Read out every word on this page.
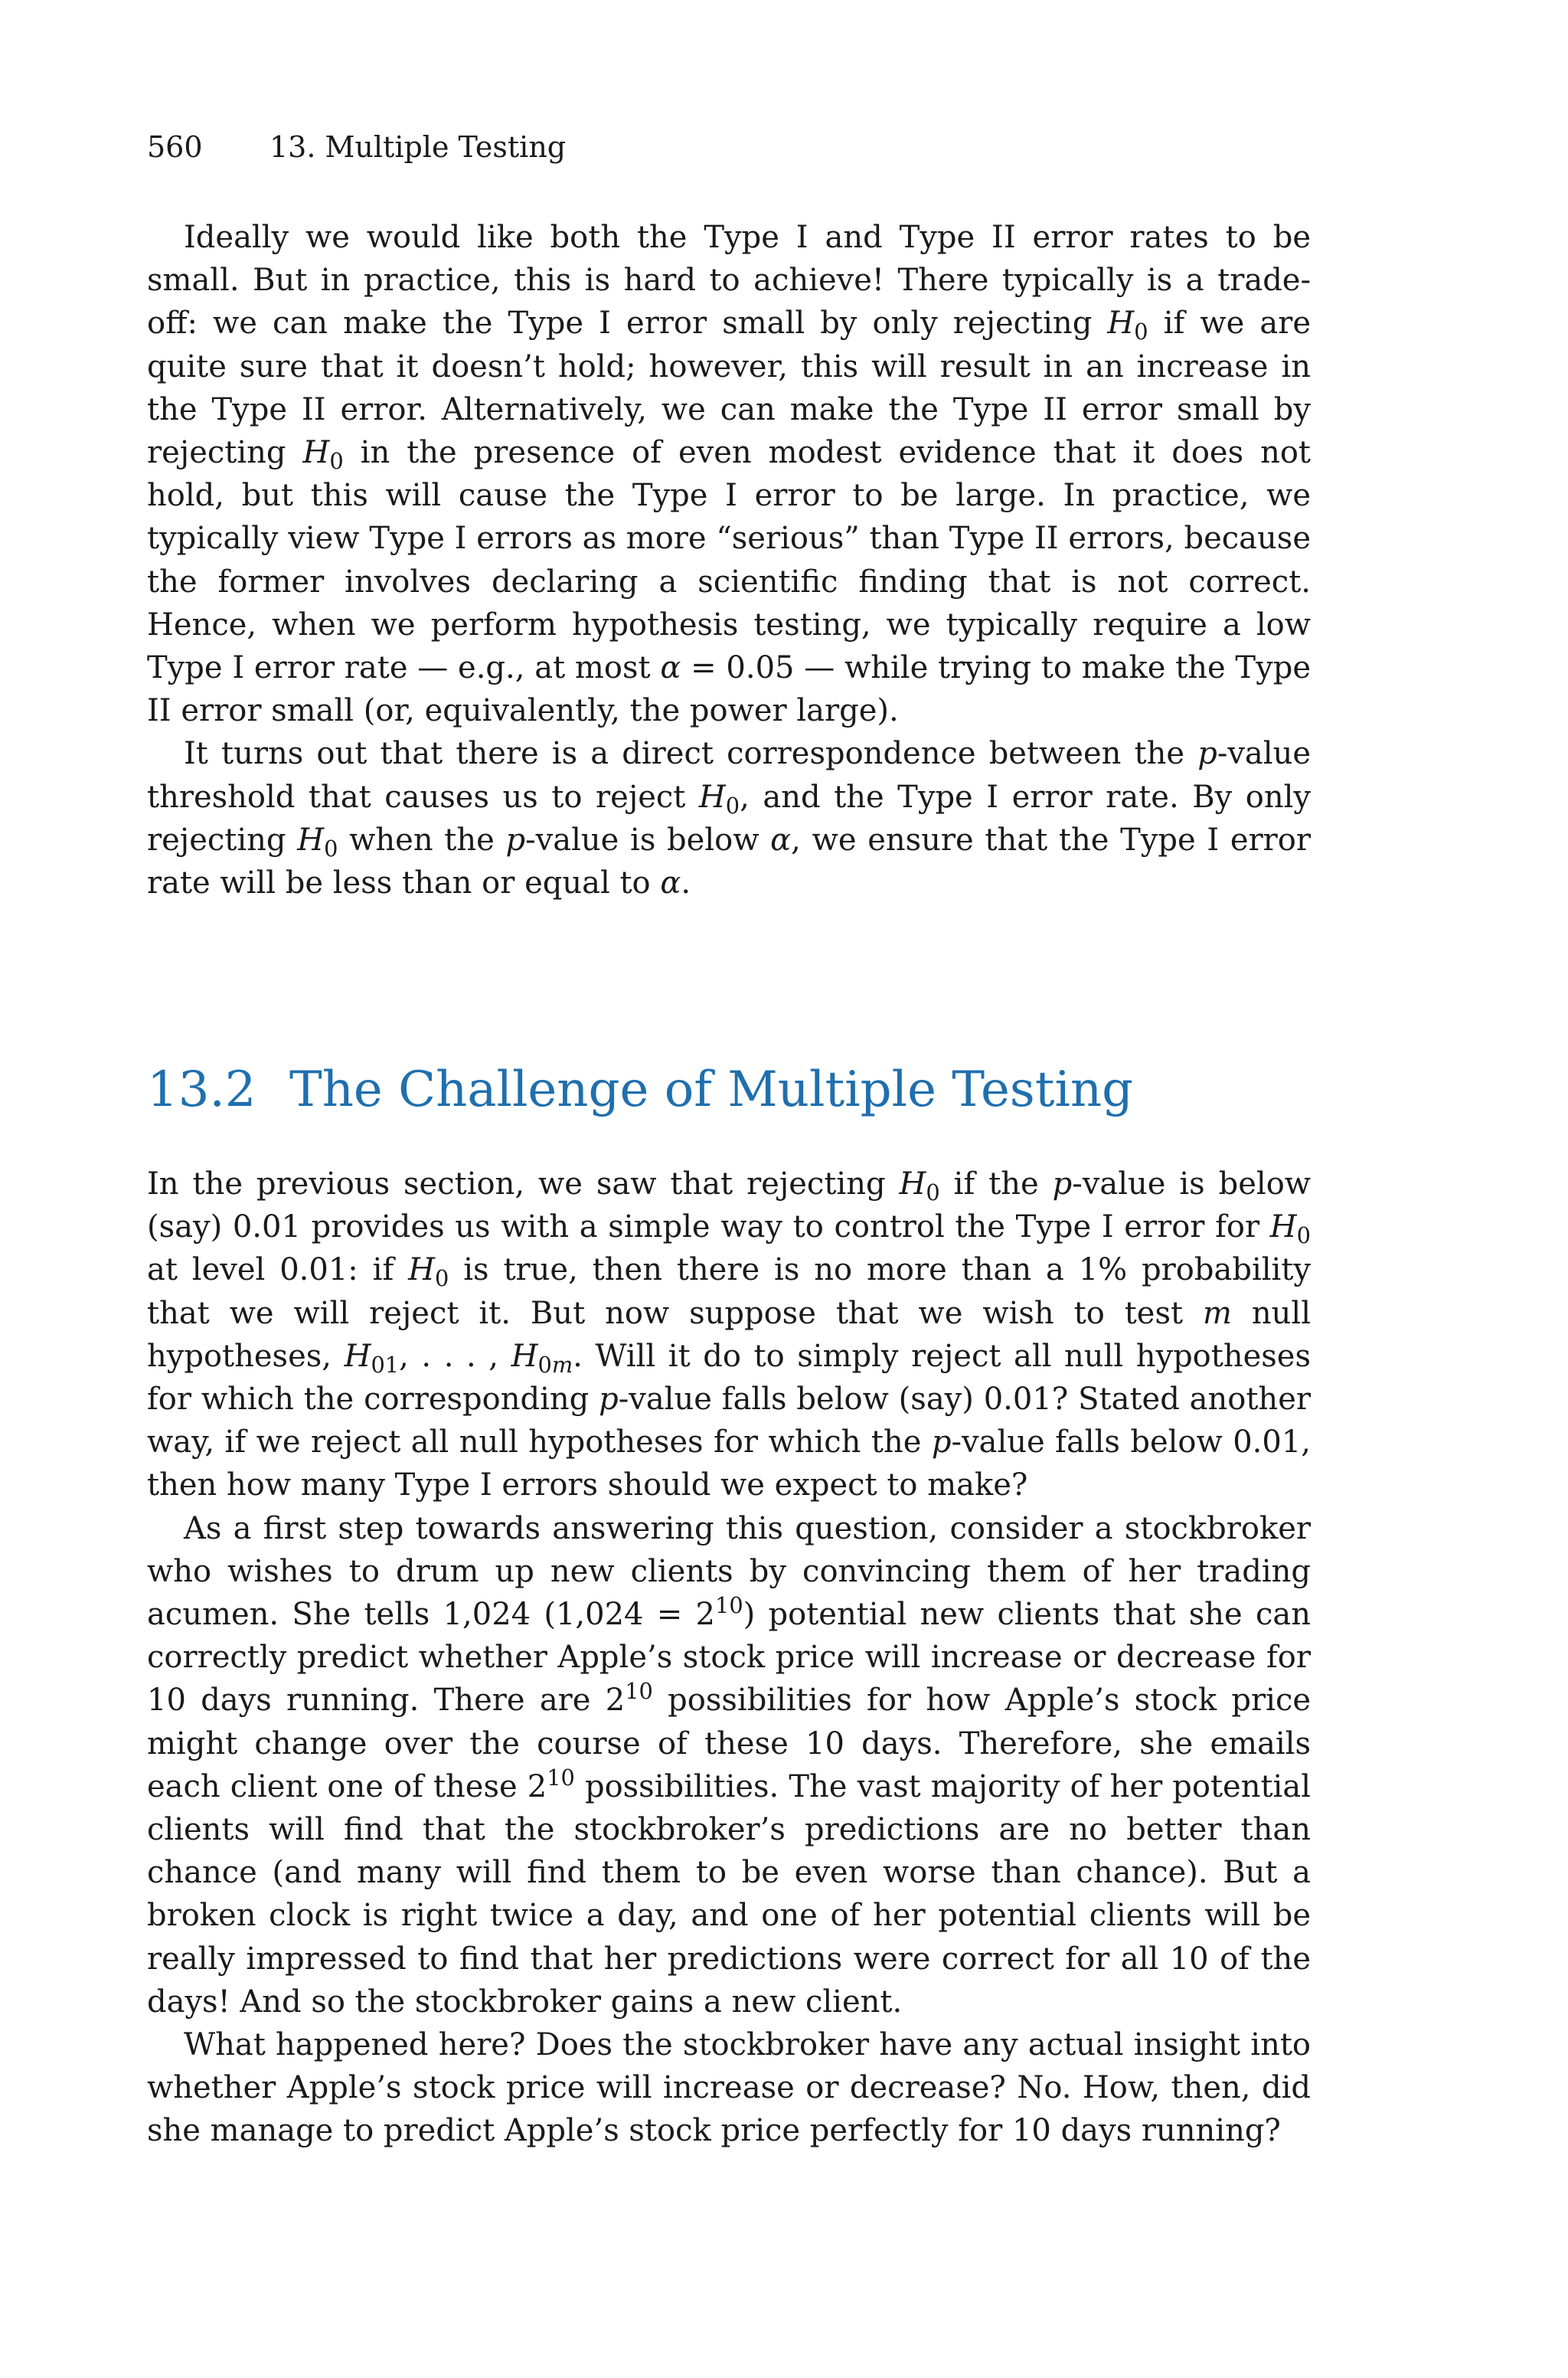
560 13. Multiple Testing

Ideally we would like both the Type I and Type II error rates to be small. But in practice, this is hard to achieve! There typically is a trade-off: we can make the Type I error small by only rejecting $H_0$ if we are quite sure that it doesn’t hold; however, this will result in an increase in the Type II error. Alternatively, we can make the Type II error small by rejecting $H_0$ in the presence of even modest evidence that it does not hold, but this will cause the Type I error to be large. In practice, we typically view Type I errors as more “serious” than Type II errors, because the former involves declaring a scientific finding that is not correct. Hence, when we perform hypothesis testing, we typically require a low Type I error rate — e.g., at most α = 0.05 — while trying to make the Type II error small (or, equivalently, the power large).

It turns out that there is a direct correspondence between the p-value threshold that causes us to reject $H_0$, and the Type I error rate. By only rejecting $H_0$ when the p-value is below α, we ensure that the Type I error rate will be less than or equal to α.

13.2 The Challenge of Multiple Testing

In the previous section, we saw that rejecting $H_0$ if the p-value is below (say) 0.01 provides us with a simple way to control the Type I error for $H_0$ at level 0.01: if $H_0$ is true, then there is no more than a 1% probability that we will reject it. But now suppose that we wish to test m null hypotheses, $H_{01}$, . . . , $H_{0m}$. Will it do to simply reject all null hypotheses for which the corresponding p-value falls below (say) 0.01? Stated another way, if we reject all null hypotheses for which the p-value falls below 0.01, then how many Type I errors should we expect to make?

As a first step towards answering this question, consider a stockbroker who wishes to drum up new clients by convincing them of her trading acumen. She tells 1,024 $(1,024 = 2^{10})$ potential new clients that she can correctly predict whether Apple’s stock price will increase or decrease for 10 days running. There are $2^{10}$ possibilities for how Apple’s stock price might change over the course of these 10 days. Therefore, she emails each client one of these $2^{10}$ possibilities. The vast majority of her potential clients will find that the stockbroker’s predictions are no better than chance (and many will find them to be even worse than chance). But a broken clock is right twice a day, and one of her potential clients will be really impressed to find that her predictions were correct for all 10 of the days! And so the stockbroker gains a new client.

What happened here? Does the stockbroker have any actual insight into whether Apple’s stock price will increase or decrease? No. How, then, did she manage to predict Apple’s stock price perfectly for 10 days running?
